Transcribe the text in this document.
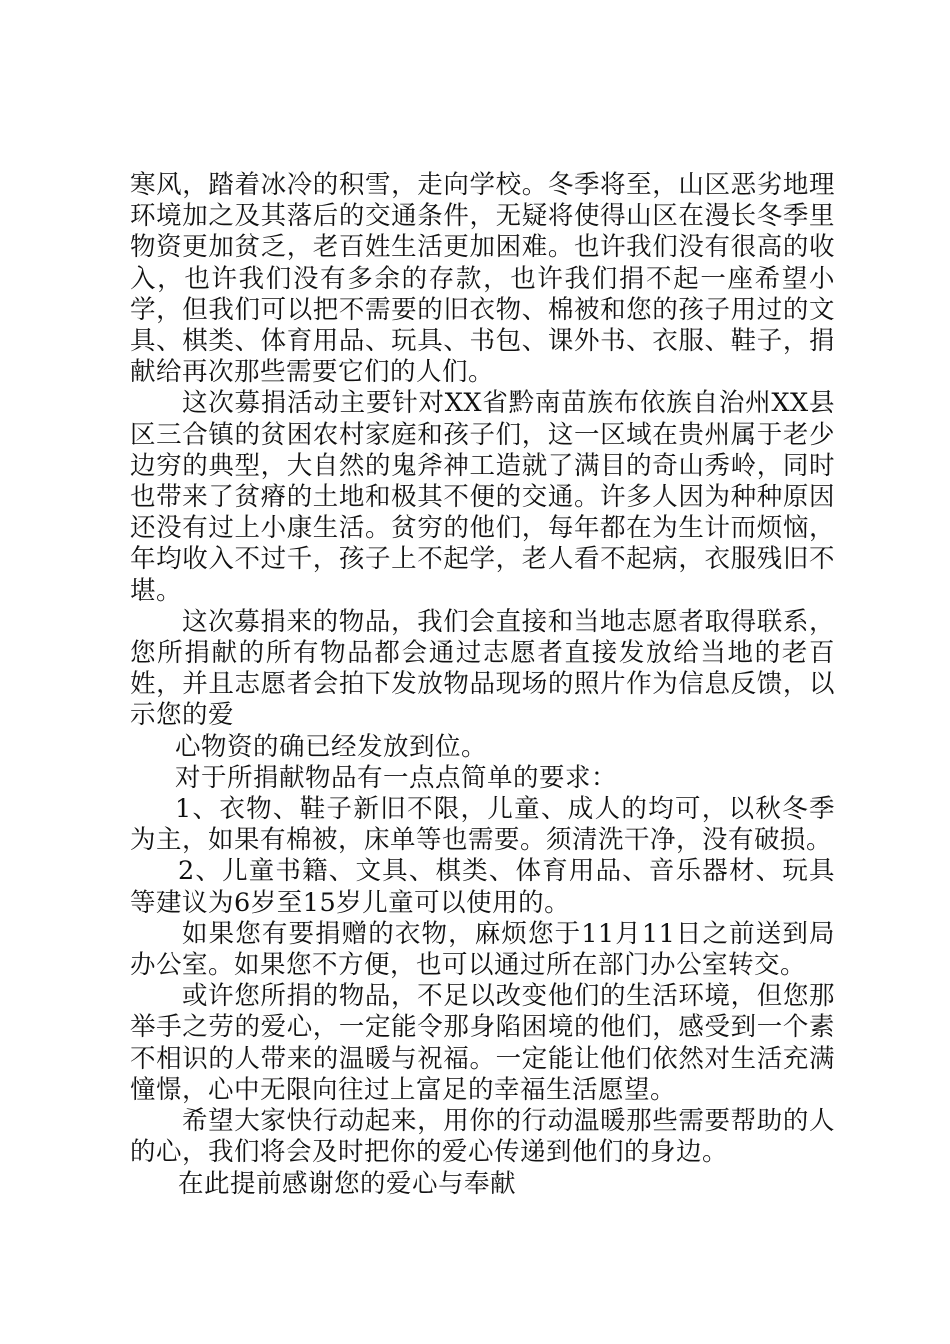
寒风，踏着冰冷的积雪，走向学校。冬季将至，山区恶劣地理环境加之及其落后的交通条件，无疑将使得山区在漫长冬季里物资更加贫乏，老百姓生活更加困难。也许我们没有很高的收入，也许我们没有多余的存款，也许我们捐不起一座希望小学，但我们可以把不需要的旧衣物、棉被和您的孩子用过的文具、棋类、体育用品、玩具、书包、课外书、衣服、鞋子，捐献给再次那些需要它们的人们。

这次募捐活动主要针对XX省黔南苗族布依族自治州XX县区三合镇的贫困农村家庭和孩子们，这一区域在贵州属于老少边穷的典型，大自然的鬼斧神工造就了满目的奇山秀岭，同时也带来了贫瘠的土地和极其不便的交通。许多人因为种种原因还没有过上小康生活。贫穷的他们，每年都在为生计而烦恼，年均收入不过千，孩子上不起学，老人看不起病，衣服残旧不堪。

这次募捐来的物品，我们会直接和当地志愿者取得联系，您所捐献的所有物品都会通过志愿者直接发放给当地的老百姓，并且志愿者会拍下发放物品现场的照片作为信息反馈，以示您的爱

心物资的确已经发放到位。

对于所捐献物品有一点点简单的要求：

1、衣物、鞋子新旧不限，儿童、成人的均可，以秋冬季为主，如果有棉被，床单等也需要。须清洗干净，没有破损。

2、儿童书籍、文具、棋类、体育用品、音乐器材、玩具等建议为6岁至15岁儿童可以使用的。

如果您有要捐赠的衣物，麻烦您于11月11日之前送到局办公室。如果您不方便，也可以通过所在部门办公室转交。

或许您所捐的物品，不足以改变他们的生活环境，但您那举手之劳的爱心，一定能令那身陷困境的他们，感受到一个素不相识的人带来的温暖与祝福。一定能让他们依然对生活充满憧憬，心中无限向往过上富足的幸福生活愿望。

希望大家快行动起来，用你的行动温暖那些需要帮助的人的心，我们将会及时把你的爱心传递到他们的身边。

在此提前感谢您的爱心与奉献
